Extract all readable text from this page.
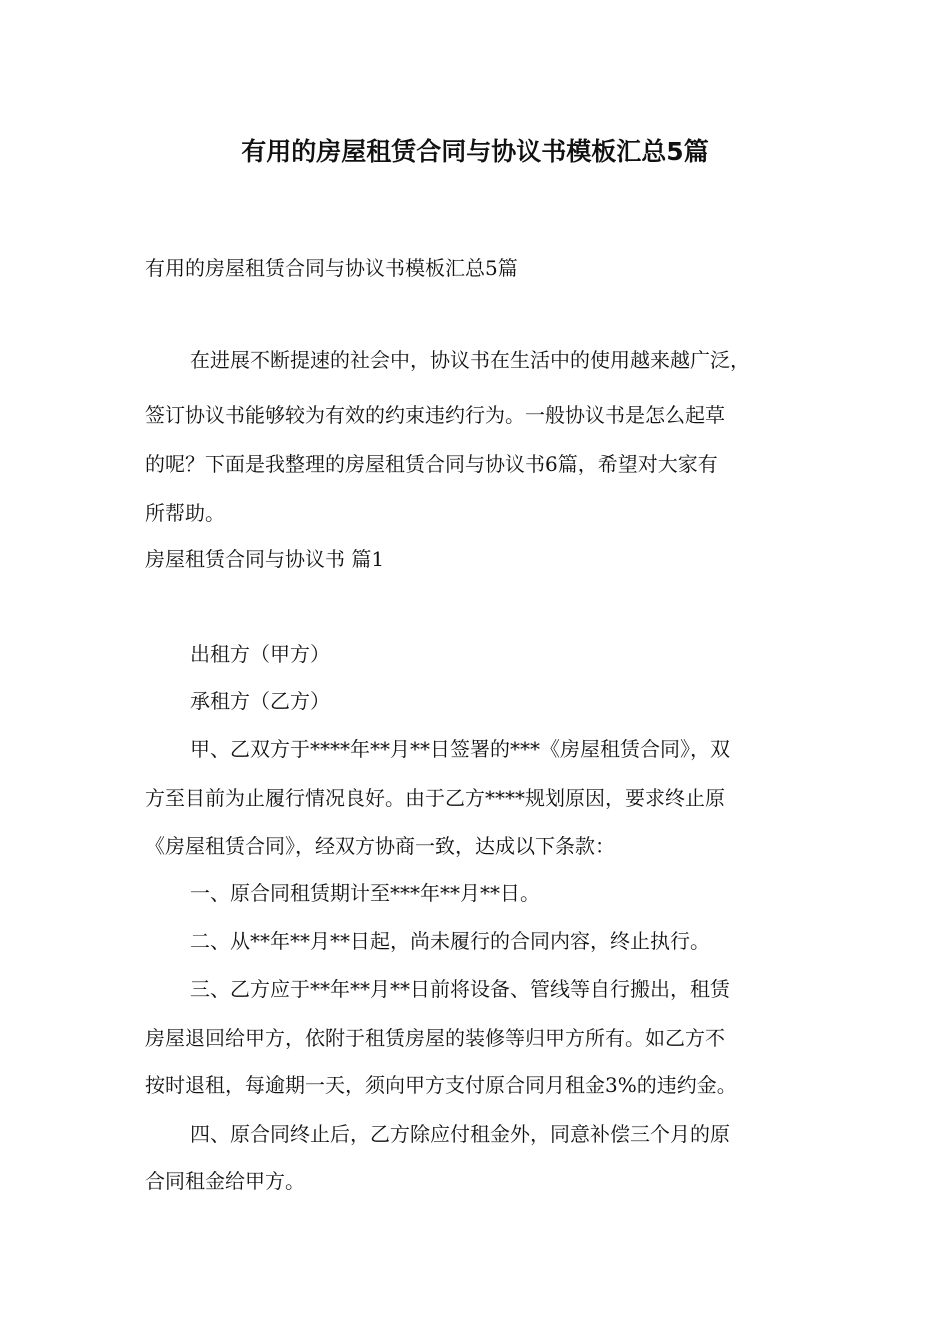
有用的房屋租赁合同与协议书模板汇总5篇
有用的房屋租赁合同与协议书模板汇总5篇
在进展不断提速的社会中，协议书在生活中的使用越来越广泛，
签订协议书能够较为有效的约束违约行为。一般协议书是怎么起草
的呢？下面是我整理的房屋租赁合同与协议书6篇，希望对大家有
所帮助。
房屋租赁合同与协议书 篇1
出租方（甲方）
承租方（乙方）
甲、乙双方于****年**月**日签署的***《房屋租赁合同》，双
方至目前为止履行情况良好。由于乙方****规划原因，要求终止原
《房屋租赁合同》，经双方协商一致，达成以下条款：
一、原合同租赁期计至***年**月**日。
二、从**年**月**日起，尚未履行的合同内容，终止执行。
三、乙方应于**年**月**日前将设备、管线等自行搬出，租赁
房屋退回给甲方，依附于租赁房屋的装修等归甲方所有。如乙方不
按时退租，每逾期一天，须向甲方支付原合同月租金3%的违约金。
四、原合同终止后，乙方除应付租金外，同意补偿三个月的原
合同租金给甲方。
